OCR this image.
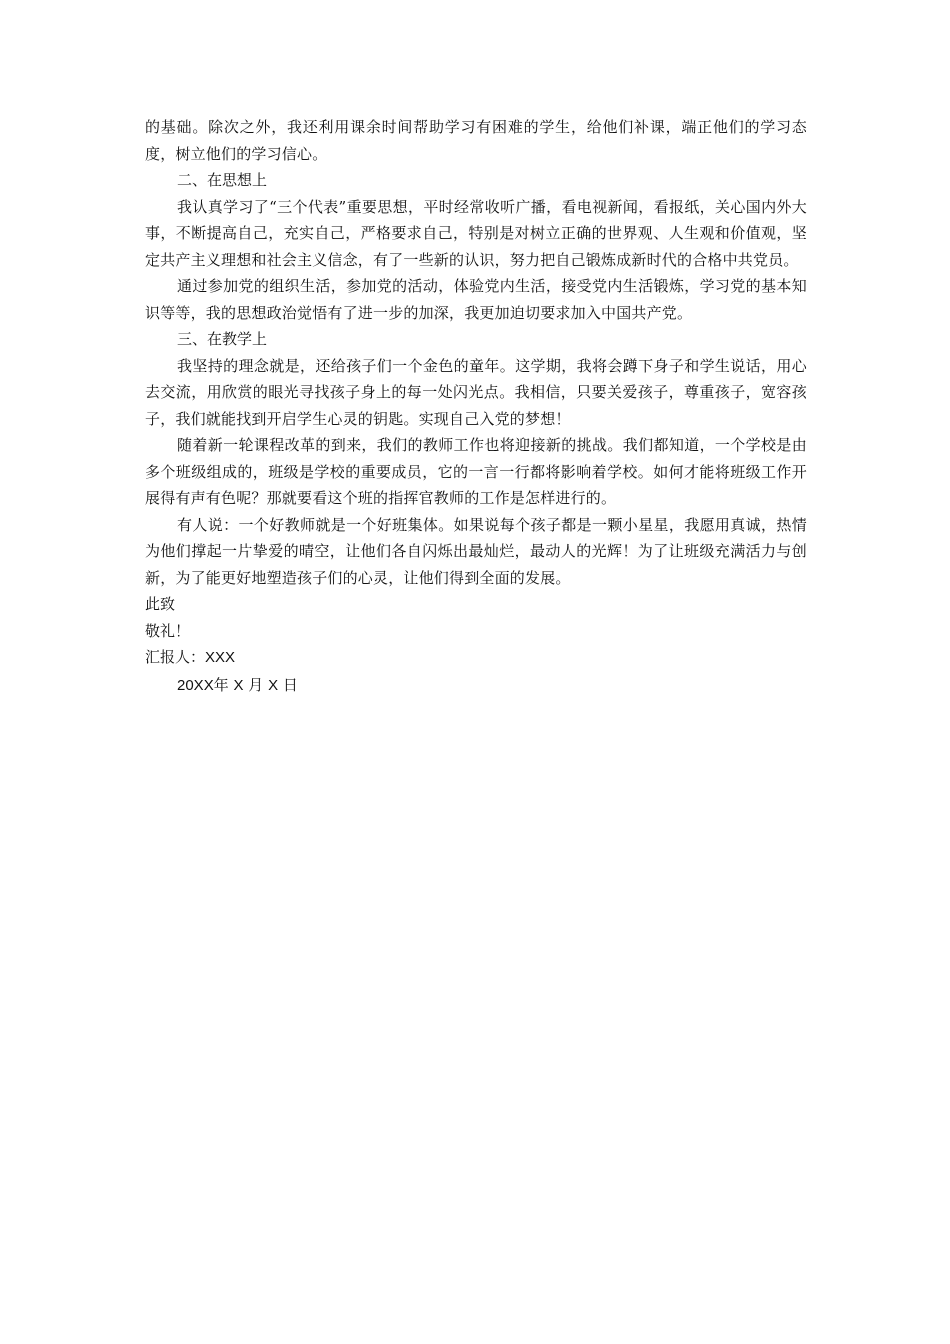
的基础。除次之外，我还利用课余时间帮助学习有困难的学生，给他们补课，端正他们的学习态度，树立他们的学习信心。

二、在思想上

我认真学习了“三个代表”重要思想，平时经常收听广播，看电视新闻，看报纸，关心国内外大事，不断提高自己，充实自己，严格要求自己，特别是对树立正确的世界观、人生观和价值观，坚定共产主义理想和社会主义信念，有了一些新的认识，努力把自己锻炼成新时代的合格中共党员。

通过参加党的组织生活，参加党的活动，体验党内生活，接受党内生活锻炼，学习党的基本知识等等，我的思想政治觉悟有了进一步的加深，我更加迫切要求加入中国共产党。

三、在教学上

我坚持的理念就是，还给孩子们一个金色的童年。这学期，我将会蹲下身子和学生说话，用心去交流，用欣赏的眼光寻找孩子身上的每一处闪光点。我相信，只要关爱孩子，尊重孩子，宽容孩子，我们就能找到开启学生心灵的钥匙。实现自己入党的梦想！

随着新一轮课程改革的到来，我们的教师工作也将迎接新的挑战。我们都知道，一个学校是由多个班级组成的，班级是学校的重要成员，它的一言一行都将影响着学校。如何才能将班级工作开展得有声有色呢？那就要看这个班的指挥官教师的工作是怎样进行的。

有人说：一个好教师就是一个好班集体。如果说每个孩子都是一颗小星星，我愿用真诚，热情为他们撑起一片挚爱的晴空，让他们各自闪烁出最灿烂，最动人的光辉！为了让班级充满活力与创新，为了能更好地塑造孩子们的心灵，让他们得到全面的发展。

此致

敬礼！

汇报人：XXX

20XX年 X 月 X 日
